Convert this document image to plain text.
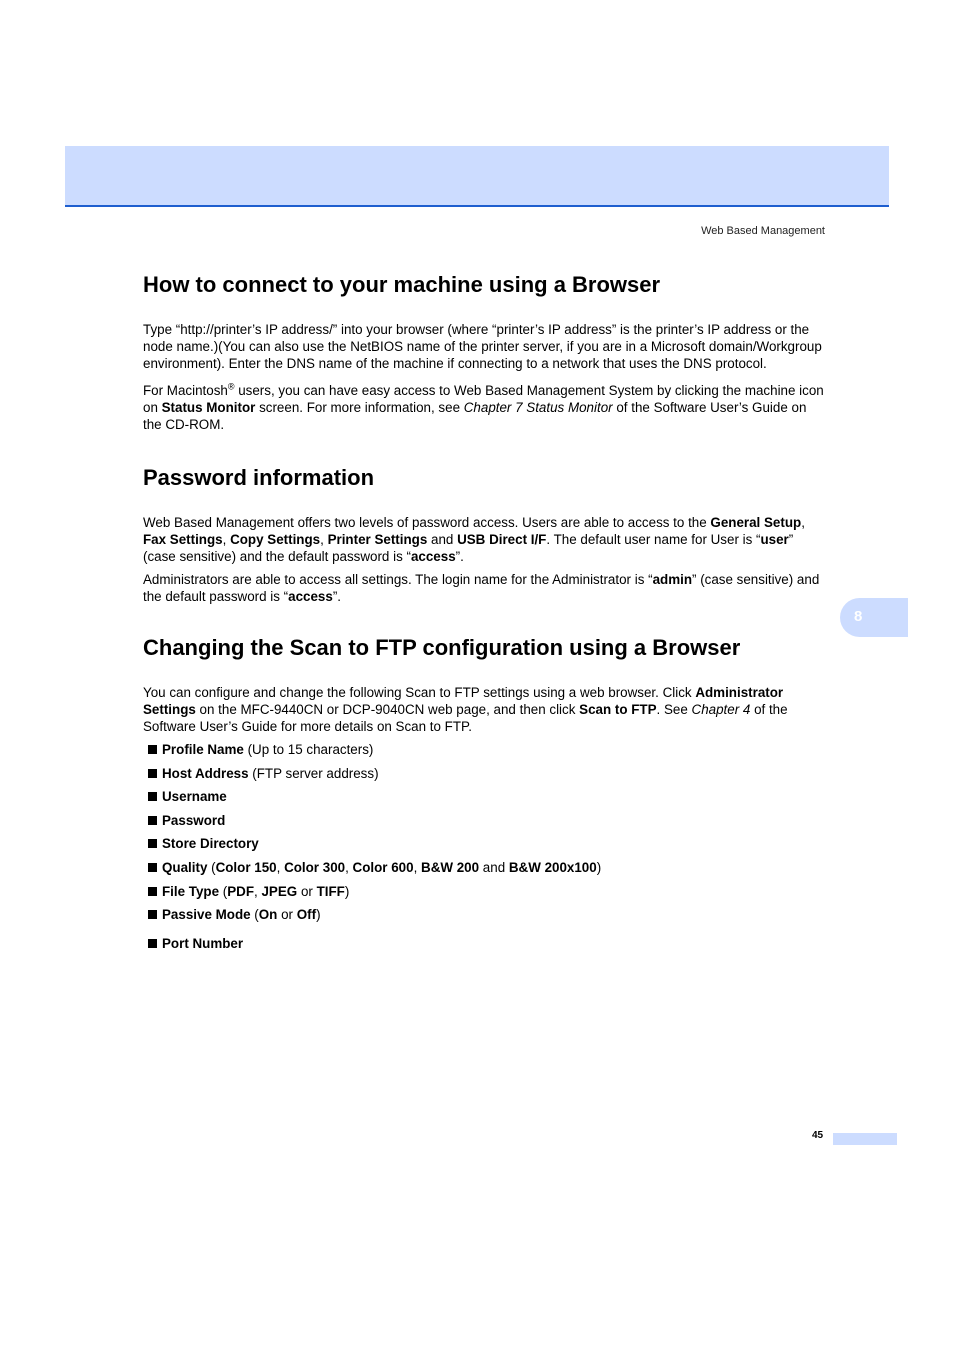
Web Based Management
8
How to connect to your machine using a Browser

Type “http://printer’s IP address/” into your browser (where “printer’s IP address” is the printer’s IP address or the node name.)(You can also use the NetBIOS name of the printer server, if you are in a Microsoft domain/Workgroup environment). Enter the DNS name of the machine if connecting to a network that uses the DNS protocol.

For Macintosh® users, you can have easy access to Web Based Management System by clicking the machine icon on Status Monitor screen. For more information, see Chapter 7 Status Monitor of the Software User’s Guide on the CD-ROM.

Password information

Web Based Management offers two levels of password access. Users are able to access to the General Setup, Fax Settings, Copy Settings, Printer Settings and USB Direct I/F. The default user name for User is “user” (case sensitive) and the default password is “access”.

Administrators are able to access all settings. The login name for the Administrator is “admin” (case sensitive) and the default password is “access”.

Changing the Scan to FTP configuration using a Browser

You can configure and change the following Scan to FTP settings using a web browser. Click Administrator Settings on the MFC-9440CN or DCP-9040CN web page, and then click Scan to FTP. See Chapter 4 of the Software User’s Guide for more details on Scan to FTP.

Profile Name (Up to 15 characters)
Host Address (FTP server address)
Username
Password
Store Directory
Quality (Color 150, Color 300, Color 600, B&W 200 and B&W 200x100)
File Type (PDF, JPEG or TIFF)
Passive Mode (On or Off)
Port Number
45
